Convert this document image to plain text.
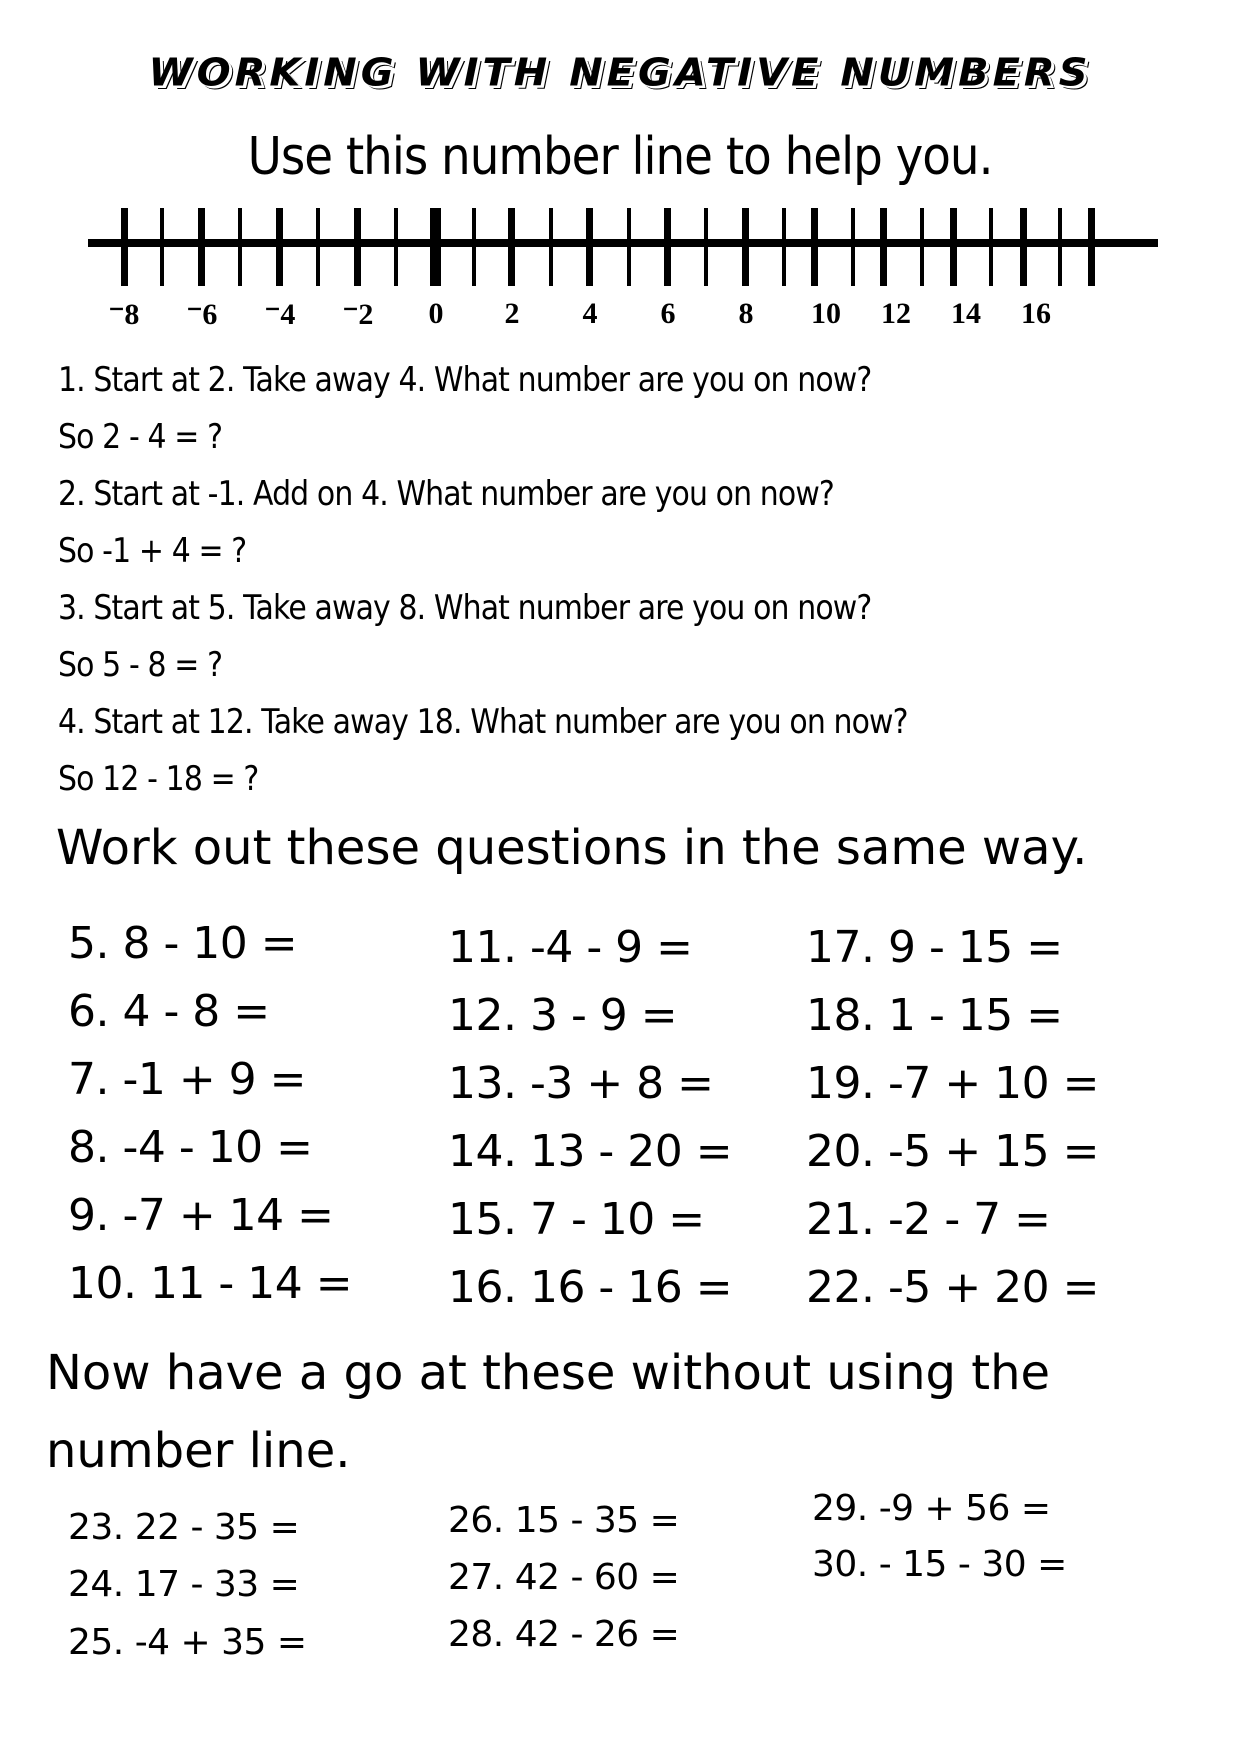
WORKING WITH NEGATIVE NUMBERS
Use this number line to help you.
⁻8 ⁻6 ⁻4 ⁻2 0 2 4 6 8 10 12 14 16
1. Start at 2. Take away 4. What number are you on now?
So 2 - 4 = ?
2. Start at -1. Add on 4. What number are you on now?
So -1 + 4 = ?
3. Start at 5. Take away 8. What number are you on now?
So 5 - 8 = ?
4. Start at 12. Take away 18. What number are you on now?
So 12 - 18 = ?
Work out these questions in the same way.
5. 8 - 10 =
6. 4 - 8 =
7. -1 + 9 =
8. -4 - 10 =
9. -7 + 14 =
10. 11 - 14 =
11. -4 - 9 =
12. 3 - 9 =
13. -3 + 8 =
14. 13 - 20 =
15. 7 - 10 =
16. 16 - 16 =
17. 9 - 15 =
18. 1 - 15 =
19. -7 + 10 =
20. -5 + 15 =
21. -2 - 7 =
22. -5 + 20 =
Now have a go at these without using the
number line.
23. 22 - 35 =
24. 17 - 33 =
25. -4 + 35 =
26. 15 - 35 =
27. 42 - 60 =
28. 42 - 26 =
29. -9 + 56 =
30. - 15 - 30 =
